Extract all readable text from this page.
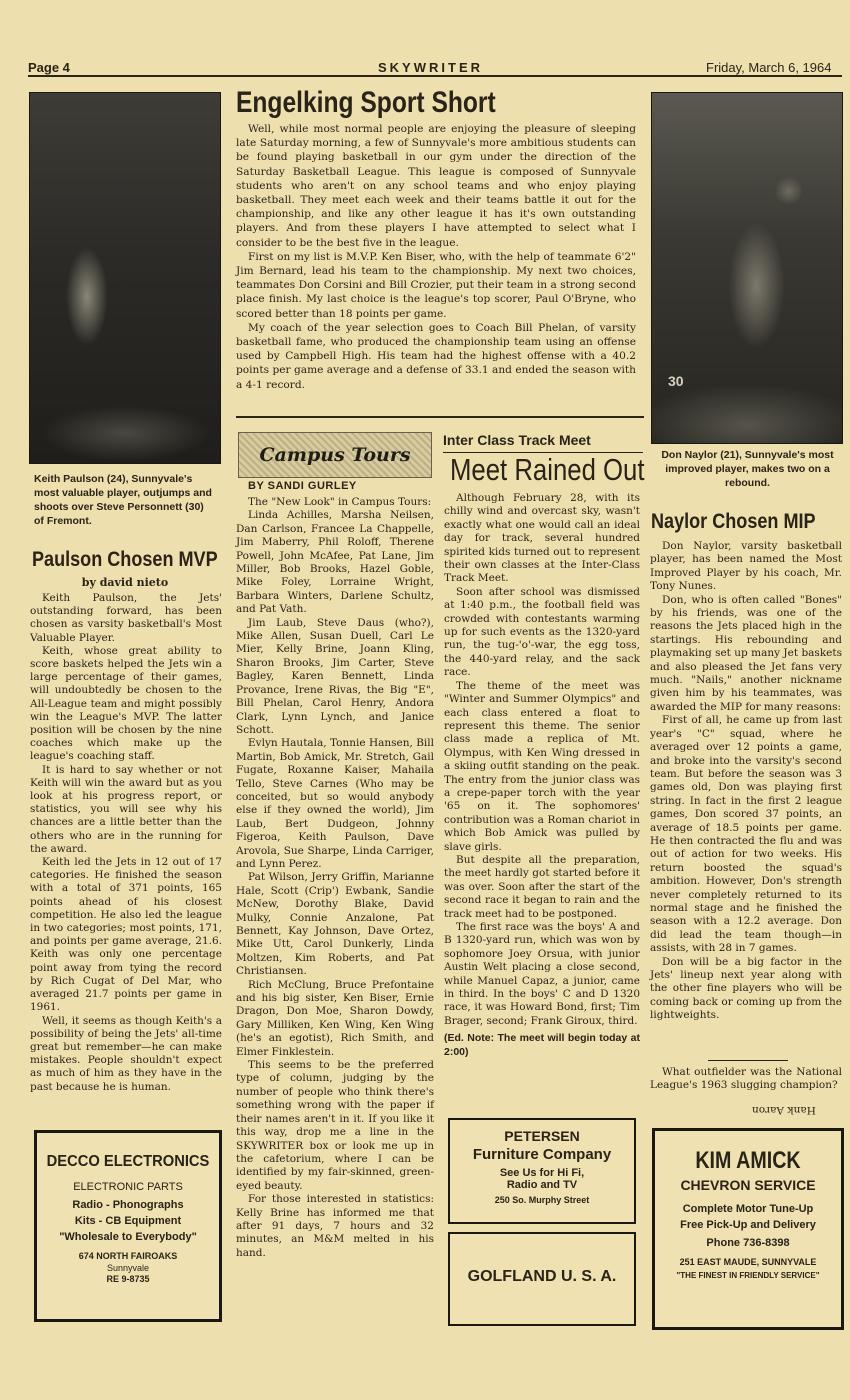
Page 4	SKYWRITER	Friday, March 6, 1964
Keith Paulson (24), Sunnyvale's most valuable player, outjumps and shoots over Steve Personnett (30) of Fremont.
Engelking Sport Short

Well, while most normal people are enjoying the pleasure of sleeping late Saturday morning, a few of Sunnyvale's more ambitious students can be found playing basketball in our gym under the direction of the Saturday Basketball League. This league is composed of Sunnyvale students who aren't on any school teams and who enjoy playing basketball. They meet each week and their teams battle it out for the championship, and like any other league it has it's own outstanding players. And from these players I have attempted to select what I consider to be the best five in the league.

First on my list is M.V.P. Ken Biser, who, with the help of teammate 6'2" Jim Bernard, lead his team to the championship. My next two choices, teammates Don Corsini and Bill Crozier, put their team in a strong second place finish. My last choice is the league's top scorer, Paul O'Bryne, who scored better than 18 points per game.

My coach of the year selection goes to Coach Bill Phelan, of varsity basketball fame, who produced the championship team using an offense used by Campbell High. His team had the highest offense with a 40.2 points per game average and a defense of 33.1 and ended the season with a 4-1 record.	30
Don Naylor (21), Sunnyvale's most improved player, makes two on a rebound.
Paulson Chosen MVP
by david nieto

Keith Paulson, the Jets' outstanding forward, has been chosen as varsity basketball's Most Valuable Player.

Keith, whose great ability to score baskets helped the Jets win a large percentage of their games, will undoubtedly be chosen to the All-League team and might possibly win the League's MVP. The latter position will be chosen by the nine coaches which make up the league's coaching staff.

It is hard to say whether or not Keith will win the award but as you look at his progress report, or statistics, you will see why his chances are a little better than the others who are in the running for the award.

Keith led the Jets in 12 out of 17 categories. He finished the season with a total of 371 points, 165 points ahead of his closest competition. He also led the league in two categories; most points, 171, and points per game average, 21.6. Keith was only one percentage point away from tying the record by Rich Cugat of Del Mar, who averaged 21.7 points per game in 1961.

Well, it seems as though Keith's a possibility of being the Jets' all-time great but remember—he can make mistakes. People shouldn't expect as much of him as they have in the past because he is human.

Campus Tours
BY SANDI GURLEY

The "New Look" in Campus Tours:

Linda Achilles, Marsha Neilsen, Dan Carlson, Francee La Chappelle, Jim Maberry, Phil Roloff, Therene Powell, John McAfee, Pat Lane, Jim Miller, Bob Brooks, Hazel Goble, Mike Foley, Lorraine Wright, Barbara Winters, Darlene Schultz, and Pat Vath.

Jim Laub, Steve Daus (who?), Mike Allen, Susan Duell, Carl Le Mier, Kelly Brine, Joann Kling, Sharon Brooks, Jim Carter, Steve Bagley, Karen Bennett, Linda Provance, Irene Rivas, the Big "E", Bill Phelan, Carol Henry, Andora Clark, Lynn Lynch, and Janice Schott.

Evlyn Hautala, Tonnie Hansen, Bill Martin, Bob Amick, Mr. Stretch, Gail Fugate, Roxanne Kaiser, Mahaila Tello, Steve Carnes (Who may be conceited, but so would anybody else if they owned the world), Jim Laub, Bert Dudgeon, Johnny Figeroa, Keith Paulson, Dave Arovola, Sue Sharpe, Linda Carriger, and Lynn Perez.

Pat Wilson, Jerry Griffin, Marianne Hale, Scott (Crip') Ewbank, Sandie McNew, Dorothy Blake, David Mulky, Connie Anzalone, Pat Bennett, Kay Johnson, Dave Ortez, Mike Utt, Carol Dunkerly, Linda Moltzen, Kim Roberts, and Pat Christiansen.

Rich McClung, Bruce Prefontaine and his big sister, Ken Biser, Ernie Dragon, Don Moe, Sharon Dowdy, Gary Milliken, Ken Wing, Ken Wing (he's an egotist), Rich Smith, and Elmer Finklestein.

This seems to be the preferred type of column, judging by the number of people who think there's something wrong with the paper if their names aren't in it. If you like it this way, drop me a line in the SKYWRITER box or look me up in the cafetorium, where I can be identified by my fair-skinned, green-eyed beauty.

For those interested in statistics: Kelly Brine has informed me that after 91 days, 7 hours and 32 minutes, an M&M melted in his hand.

Inter Class Track Meet
Meet Rained Out

Although February 28, with its chilly wind and overcast sky, wasn't exactly what one would call an ideal day for track, several hundred spirited kids turned out to represent their own classes at the Inter-Class Track Meet.

Soon after school was dismissed at 1:40 p.m., the football field was crowded with contestants warming up for such events as the 1320-yard run, the tug-'o'-war, the egg toss, the 440-yard relay, and the sack race.

The theme of the meet was "Winter and Summer Olympics" and each class entered a float to represent this theme. The senior class made a replica of Mt. Olympus, with Ken Wing dressed in a skiing outfit standing on the peak. The entry from the junior class was a crepe-paper torch with the year '65 on it. The sophomores' contribution was a Roman chariot in which Bob Amick was pulled by slave girls.

But despite all the preparation, the meet hardly got started before it was over. Soon after the start of the second race it began to rain and the track meet had to be postponed.

The first race was the boys' A and B 1320-yard run, which was won by sophomore Joey Orsua, with junior Austin Welt placing a close second, while Manuel Capaz, a junior, came in third. In the boys' C and D 1320 race, it was Howard Bond, first; Tim Brager, second; Frank Giroux, third.

(Ed. Note: The meet will begin today at 2:00)

Naylor Chosen MIP

Don Naylor, varsity basketball player, has been named the Most Improved Player by his coach, Mr. Tony Nunes.

Don, who is often called "Bones" by his friends, was one of the reasons the Jets placed high in the startings. His rebounding and playmaking set up many Jet baskets and also pleased the Jet fans very much. "Nails," another nickname given him by his teammates, was awarded the MIP for many reasons:

First of all, he came up from last year's "C" squad, where he averaged over 12 points a game, and broke into the varsity's second team. But before the season was 3 games old, Don was playing first string. In fact in the first 2 league games, Don scored 37 points, an average of 18.5 points per game. He then contracted the flu and was out of action for two weeks. His return boosted the squad's ambition. However, Don's strength never completely returned to its normal stage and he finished the season with a 12.2 average. Don did lead the team though—in assists, with 28 in 7 games.

Don will be a big factor in the Jets' lineup next year along with the other fine players who will be coming back or coming up from the lightweights.

What outfielder was the National League's 1963 slugging champion?

Hank Aaron
DECCO ELECTRONICS
ELECTRONIC PARTS
Radio - Phonographs
Kits - CB Equipment
"Wholesale to Everybody"
674 NORTH FAIROAKS
Sunnyvale
RE 9-8735
PETERSEN
Furniture Company
See Us for Hi Fi,
Radio and TV
250 So. Murphy Street
GOLFLAND U. S. A.
KIM AMICK
CHEVRON SERVICE
Complete Motor Tune-Up
Free Pick-Up and Delivery
Phone 736-8398
251 EAST MAUDE, SUNNYVALE
"THE FINEST IN FRIENDLY SERVICE"
